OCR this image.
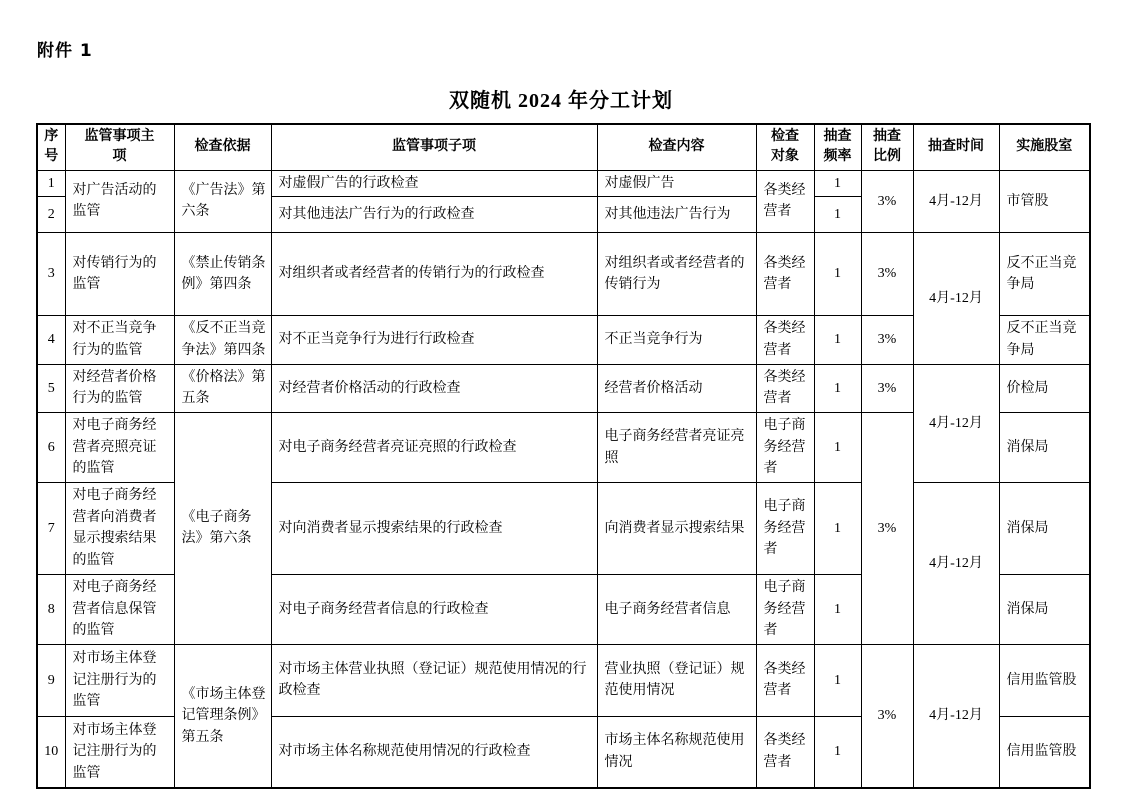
附件 1
双随机 2024 年分工计划
序号	监管事项主项	检查依据	监管事项子项	检查内容	检查对象	抽查频率	抽查比例	抽查时间	实施股室
1	对广告活动的监管	《广告法》第六条	对虚假广告的行政检查	对虚假广告	各类经营者	1	3%	4月-12月	市管股
2			对其他违法广告行为的行政检查	对其他违法广告行为		1			
3	对传销行为的监管	《禁止传销条例》第四条	对组织者或者经营者的传销行为的行政检查	对组织者或者经营者的传销行为	各类经营者	1	3%	4月-12月	反不正当竞争局
4	对不正当竞争行为的监管	《反不正当竞争法》第四条	对不正当竞争行为进行行政检查	不正当竞争行为	各类经营者	1	3%		反不正当竞争局
5	对经营者价格行为的监管	《价格法》第五条	对经营者价格活动的行政检查	经营者价格活动	各类经营者	1	3%	4月-12月	价检局
6	对电子商务经营者亮照亮证的监管	《电子商务法》第六条	对电子商务经营者亮证亮照的行政检查	电子商务经营者亮证亮照	电子商务经营者	1	3%		消保局
7	对电子商务经营者向消费者显示搜索结果的监管		对向消费者显示搜索结果的行政检查	向消费者显示搜索结果	电子商务经营者	1		4月-12月	消保局
8	对电子商务经营者信息保管的监管		对电子商务经营者信息的行政检查	电子商务经营者信息	电子商务经营者	1			消保局
9	对市场主体登记注册行为的监管	《市场主体登记管理条例》第五条	对市场主体营业执照（登记证）规范使用情况的行政检查	营业执照（登记证）规范使用情况	各类经营者	1	3%	4月-12月	信用监管股
10	对市场主体登记注册行为的监管		对市场主体名称规范使用情况的行政检查	市场主体名称规范使用情况	各类经营者	1			信用监管股
